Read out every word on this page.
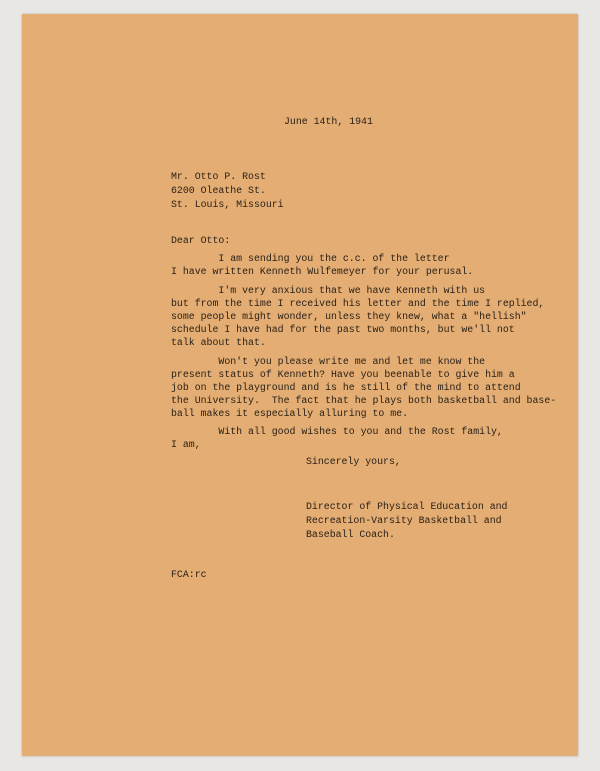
June 14th, 1941

Mr. Otto P. Rost

6200 Oleathe St.

St. Louis, Missouri

Dear Otto:

I am sending you the c.c. of the letter

I have written Kenneth Wulfemeyer for your perusal.

I'm very anxious that we have Kenneth with us

but from the time I received his letter and the time I replied,

some people might wonder, unless they knew, what a "hellish"

schedule I have had for the past two months, but we'll not

talk about that.

Won't you please write me and let me know the

present status of Kenneth? Have you beenable to give him a

job on the playground and is he still of the mind to attend

the University.  The fact that he plays both basketball and base-

ball makes it especially alluring to me.

With all good wishes to you and the Rost family,

I am,

Sincerely yours,

Director of Physical Education and

Recreation-Varsity Basketball and

Baseball Coach.

FCA:rc
